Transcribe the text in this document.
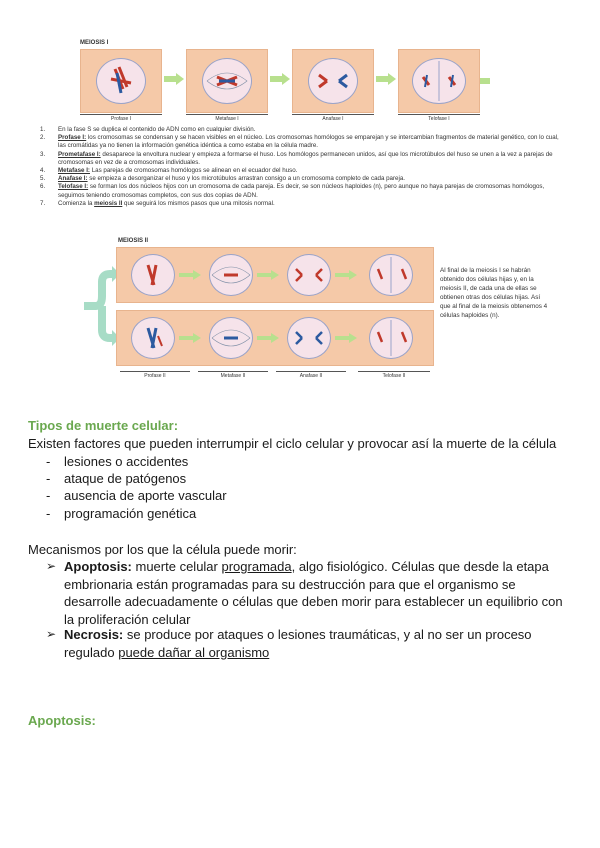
MEIOSIS I
Profase I	Metafase I	Anafase I	Telofase I
1. En la fase S se duplica el contenido de ADN como en cualquier división.
2. Profase I: los cromosomas se condensan y se hacen visibles en el núcleo. Los cromosomas homólogos se emparejan y se intercambian fragmentos de material genético, con lo cual, las cromátidas ya no tienen la información genética idéntica a como estaba en la célula madre.
3. Prometafase I: desaparece la envoltura nuclear y empieza a formarse el huso. Los homólogos permanecen unidos, así que los microtúbulos del huso se unen a la vez a parejas de cromosomas en vez de a cromosomas individuales.
4. Metafase I: Las parejas de cromosomas homólogos se alinean en el ecuador del huso.
5. Anafase I: se empieza a desorganizar el huso y los microtúbulos arrastran consigo a un cromosoma completo de cada pareja.
6. Telofase I: se forman los dos núcleos hijos con un cromosoma de cada pareja. Es decir, se son núcleos haploides (n), pero aunque no haya parejas de cromosomas homólogos, seguimos teniendo cromosomas completos, con sus dos copias de ADN.
7. Comienza la meiosis II que seguirá los mismos pasos que una mitosis normal.
MEIOSIS II
Profase II	Metafase II	Anafase II	Telofase II
Al final de la meiosis I se habrán obtenido dos células hijas y, en la meiosis II, de cada una de ellas se obtienen otras dos células hijas. Así que al final de la meiosis obtenemos 4 células haploides (n).
Tipos de muerte celular:
Existen factores que pueden interrumpir el ciclo celular y provocar así la muerte de la célula
- lesiones o accidentes
- ataque de patógenos
- ausencia de aporte vascular
- programación genética
Mecanismos por los que la célula puede morir:
➢ Apoptosis: muerte celular programada, algo fisiológico. Células que desde la etapa embrionaria están programadas para su destrucción para que el organismo se desarrolle adecuadamente o células que deben morir para establecer un equilibrio con la proliferación celular
➢ Necrosis: se produce por ataques o lesiones traumáticas, y al no ser un proceso regulado puede dañar al organismo
Apoptosis:
